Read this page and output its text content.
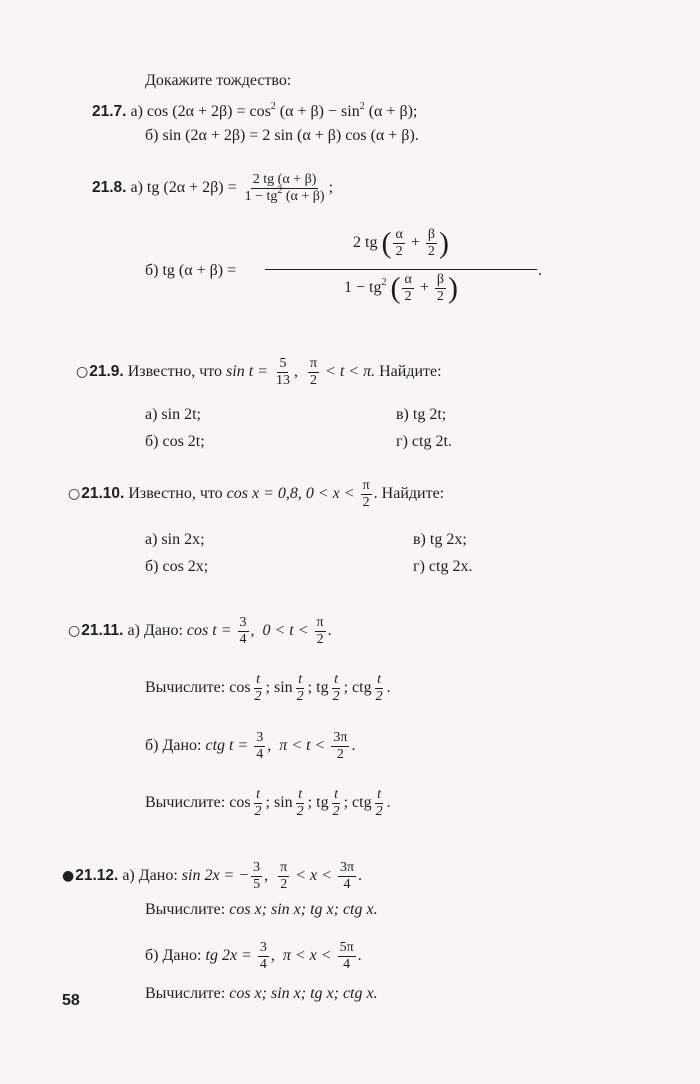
Докажите тождество:
21.7. а) $\cos (2\alpha + 2\beta) = \cos^2 (\alpha + \beta) - \sin^2 (\alpha + \beta)$;
б) sin (2α + 2β) = 2 sin (α + β) cos (α + β).
21.8. а) tg $(2\alpha + 2\beta) = \frac{2 tg (\alpha + \beta)}{1 - tg^2 (\alpha + \beta)}$ ;
б) tg (α + β) =
2 tg ( $\frac{\alpha}{2} + \frac{\beta}{2}$ )
$1 - tg^2$ ( $\frac{\alpha}{2} + \frac{\beta}{2}$ )
.
○21.9. Известно, что $\sin t = \frac{5}{13}$ , $\frac{\pi}{2} < t < \pi$. Найдите:
а) sin 2t;	в) tg 2t;
б) cos 2t;	г) ctg 2t.
○21.10. Известно, что cos x = 0,8, $0 < x < \frac{\pi}{2}$ . Найдите:
а) sin 2x;	в) tg 2x;
б) cos 2x;	г) ctg 2x.
○21.11. а) Дано: $\cos t = \frac{3}{4}$ ,  $0 < t < \frac{\pi}{2}$ .
Вычислите: $\cos \frac{t}{2}$ ; $\sin \frac{t}{2}$ ; tg $\frac{t}{2}$ ; ctg $\frac{t}{2}$ .
б) Дано: ctg $t = \frac{3}{4}$ ,  $\pi < t < \frac{3\pi}{2}$ .
Вычислите: $\cos \frac{t}{2}$ ; $\sin \frac{t}{2}$ ; tg $\frac{t}{2}$ ; ctg $\frac{t}{2}$ .
●21.12. а) Дано: sin 2x = − $\frac{3}{5}$ , $\frac{\pi}{2} < x < \frac{3\pi}{4}$ .
Вычислите: cos x; sin x; tg x; ctg x.
б) Дано: tg $2x = \frac{3}{4}$ ,  $\pi < x < \frac{5\pi}{4}$ .
Вычислите: cos x; sin x; tg x; ctg x.
58
